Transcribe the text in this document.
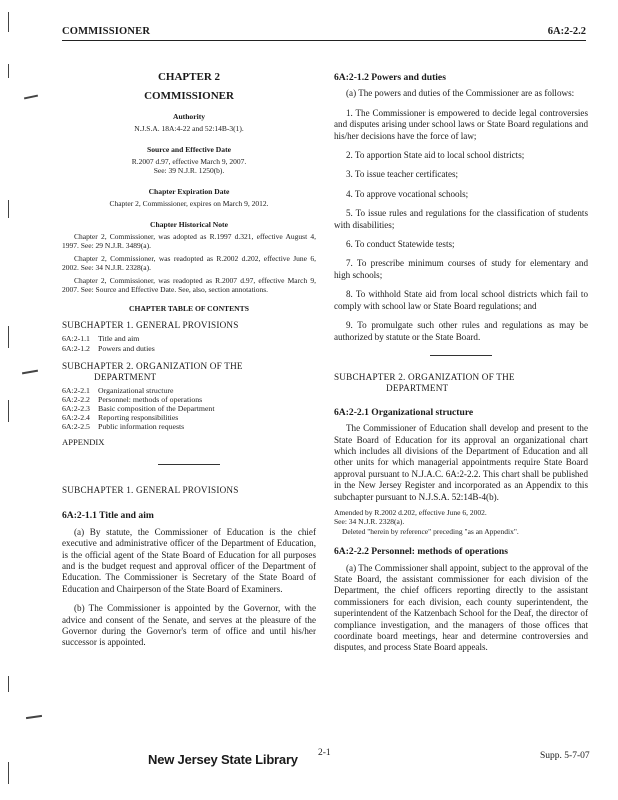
COMMISSIONER	6A:2-2.2

CHAPTER 2

COMMISSIONER

Authority
N.J.S.A. 18A:4-22 and 52:14B-3(1).
Source and Effective Date
R.2007 d.97, effective March 9, 2007.
See: 39 N.J.R. 1250(b).
Chapter Expiration Date
Chapter 2, Commissioner, expires on March 9, 2012.
Chapter Historical Note

Chapter 2, Commissioner, was adopted as R.1997 d.321, effective August 4, 1997. See: 29 N.J.R. 3489(a).

Chapter 2, Commissioner, was readopted as R.2002 d.202, effective June 6, 2002. See: 34 N.J.R. 2328(a).

Chapter 2, Commissioner, was readopted as R.2007 d.97, effective March 9, 2007. See: Source and Effective Date. See, also, section annotations.

CHAPTER TABLE OF CONTENTS
SUBCHAPTER 1. GENERAL PROVISIONS
6A:2-1.1	Title and aim
6A:2-1.2	Powers and duties
SUBCHAPTER 2. ORGANIZATION OF THE
DEPARTMENT
6A:2-2.1	Organizational structure
6A:2-2.2	Personnel: methods of operations
6A:2-2.3	Basic composition of the Department
6A:2-2.4	Reporting responsibilities
6A:2-2.5	Public information requests
APPENDIX
SUBCHAPTER 1. GENERAL PROVISIONS
6A:2-1.1 Title and aim

(a) By statute, the Commissioner of Education is the chief executive and administrative officer of the Department of Education, is the official agent of the State Board of Education for all purposes and is the budget request and approval officer of the Department of Education. The Commissioner is Secretary of the State Board of Education and Chairperson of the State Board of Examiners.

(b) The Commissioner is appointed by the Governor, with the advice and consent of the Senate, and serves at the pleasure of the Governor during the Governor's term of office and until his/her successor is appointed.

6A:2-1.2 Powers and duties

(a) The powers and duties of the Commissioner are as follows:

1. The Commissioner is empowered to decide legal controversies and disputes arising under school laws or State Board regulations and his/her decisions have the force of law;

2. To apportion State aid to local school districts;

3. To issue teacher certificates;

4. To approve vocational schools;

5. To issue rules and regulations for the classification of students with disabilities;

6. To conduct Statewide tests;

7. To prescribe minimum courses of study for elementary and high schools;

8. To withhold State aid from local school districts which fail to comply with school law or State Board regulations; and

9. To promulgate such other rules and regulations as may be authorized by statute or the State Board.

SUBCHAPTER 2. ORGANIZATION OF THE
DEPARTMENT
6A:2-2.1 Organizational structure

The Commissioner of Education shall develop and present to the State Board of Education for its approval an organizational chart which includes all divisions of the Department of Education and all other units for which managerial appointments require State Board approval pursuant to N.J.A.C. 6A:2-2.2. This chart shall be published in the New Jersey Register and incorporated as an Appendix to this subchapter pursuant to N.J.S.A. 52:14B-4(b).

Amended by R.2002 d.202, effective June 6, 2002.
See: 34 N.J.R. 2328(a).
Deleted "herein by reference" preceding "as an Appendix".
6A:2-2.2 Personnel: methods of operations

(a) The Commissioner shall appoint, subject to the approval of the State Board, the assistant commissioner for each division of the Department, the chief officers reporting directly to the assistant commissioners for each division, each county superintendent, the superintendent of the Katzenbach School for the Deaf, the director of compliance investigation, and the managers of those offices that coordinate board meetings, hear and determine controversies and disputes, and process State Board appeals.

New Jersey State Library 2-1	Supp. 5-7-07
